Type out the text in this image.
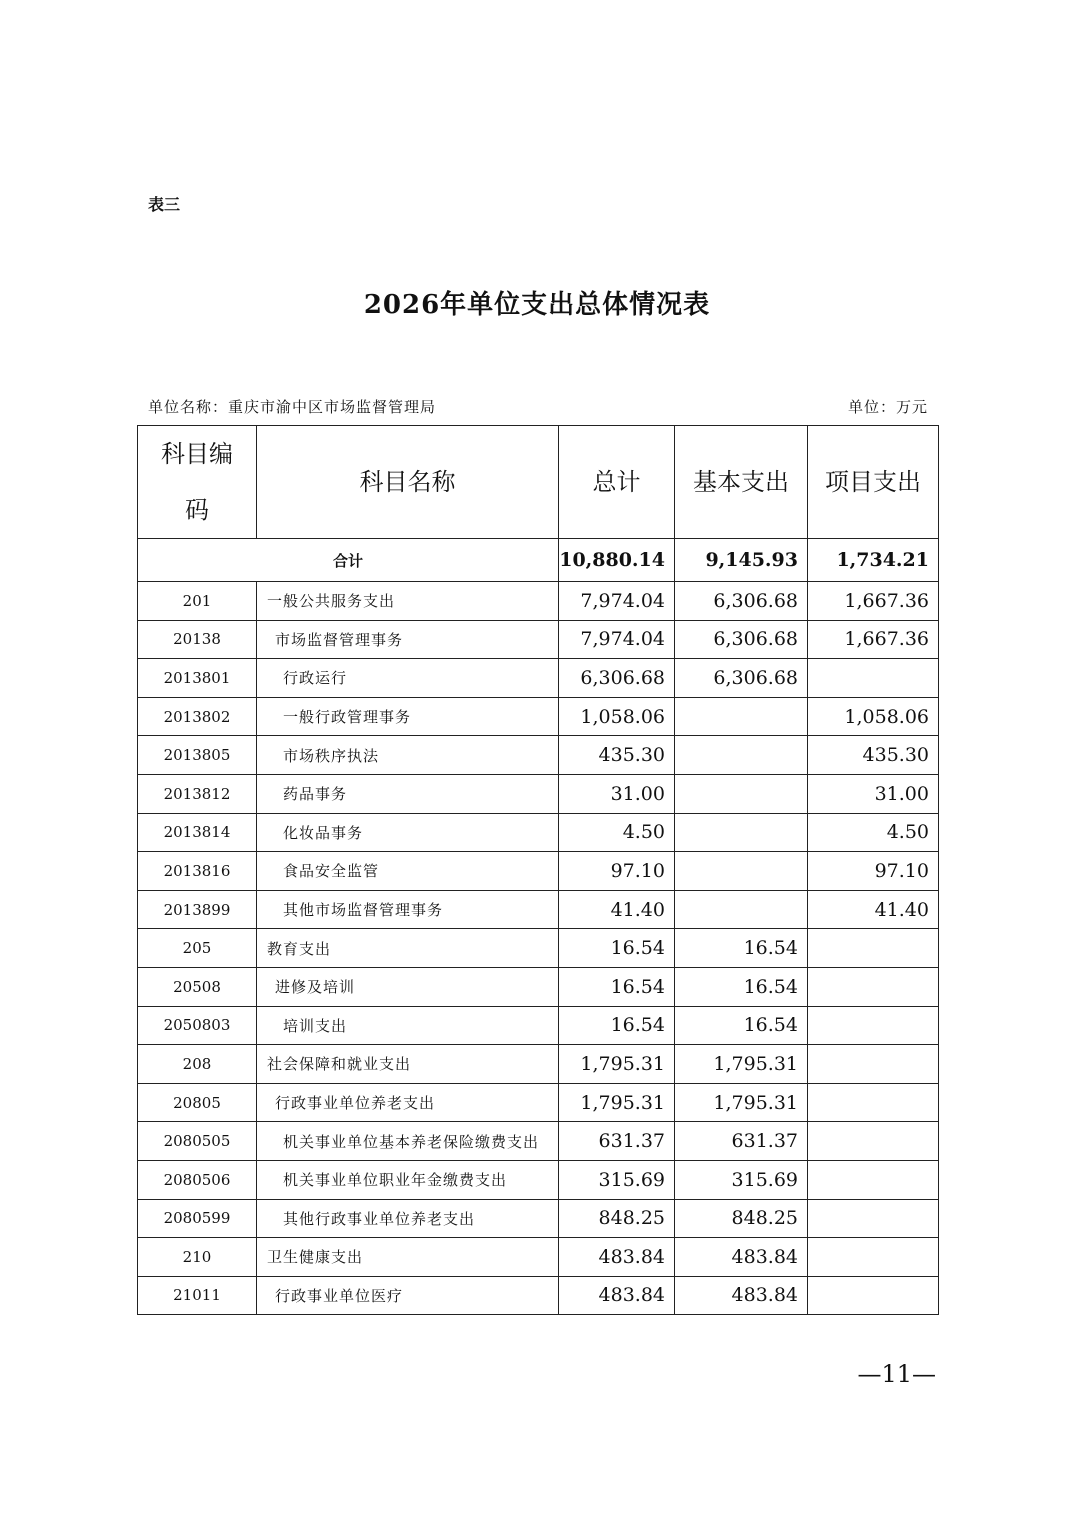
表三
2026年单位支出总体情况表
单位名称：重庆市渝中区市场监督管理局	单位：万元
科目编
码	科目名称	总计	基本支出	项目支出
合计		10,880.14	9,145.93	1,734.21
201	一般公共服务支出	7,974.04	6,306.68	1,667.36
20138	市场监督管理事务	7,974.04	6,306.68	1,667.36
2013801	行政运行	6,306.68	6,306.68	
2013802	一般行政管理事务	1,058.06		1,058.06
2013805	市场秩序执法	435.30		435.30
2013812	药品事务	31.00		31.00
2013814	化妆品事务	4.50		4.50
2013816	食品安全监管	97.10		97.10
2013899	其他市场监督管理事务	41.40		41.40
205	教育支出	16.54	16.54	
20508	进修及培训	16.54	16.54	
2050803	培训支出	16.54	16.54	
208	社会保障和就业支出	1,795.31	1,795.31	
20805	行政事业单位养老支出	1,795.31	1,795.31	
2080505	机关事业单位基本养老保险缴费支出	631.37	631.37	
2080506	机关事业单位职业年金缴费支出	315.69	315.69	
2080599	其他行政事业单位养老支出	848.25	848.25	
210	卫生健康支出	483.84	483.84	
21011	行政事业单位医疗	483.84	483.84	
—11—
